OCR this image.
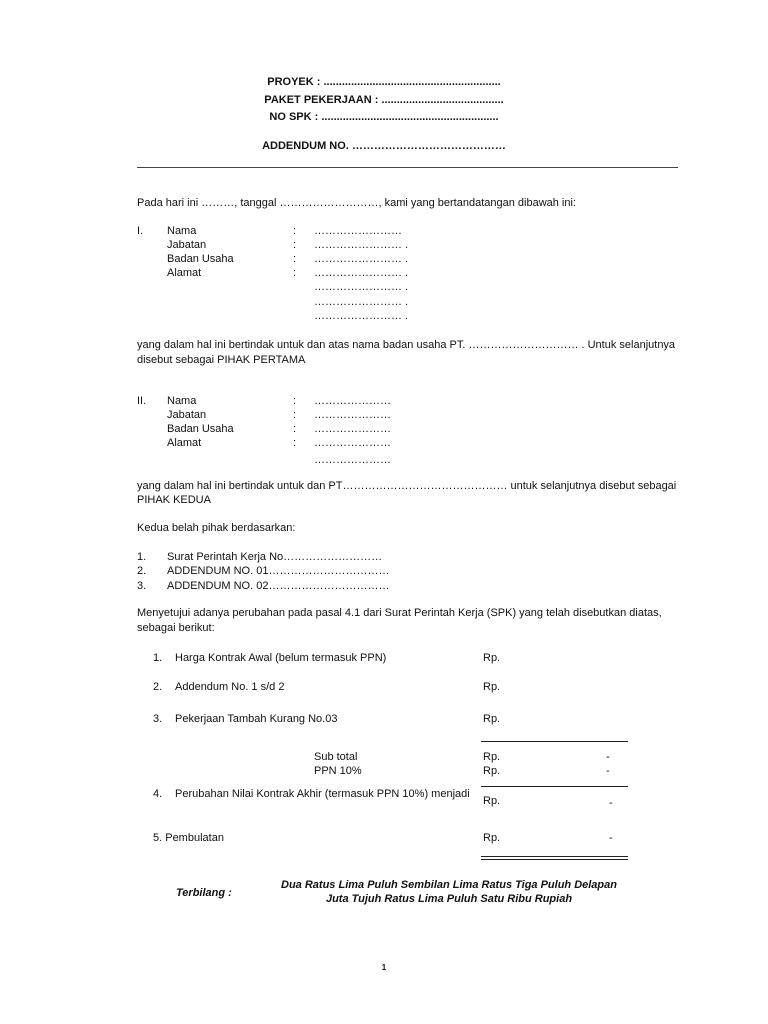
PROYEK : ..........................................................
PAKET PEKERJAAN : ........................................
NO SPK : ..........................................................
ADDENDUM NO. ……………………………………
Pada hari ini ………, tanggal ………………………, kami yang bertandatangan dibawah ini:
I. Nama	: ……………………
Jabatan	: …………………… .
Badan Usaha	: …………………… .
Alamat	: …………………… .
…………………… .
…………………… .
…………………… .
yang dalam hal ini bertindak untuk dan atas nama badan usaha PT. ………………………… . Untuk selanjutnya
disebut sebagai PIHAK PERTAMA
II. Nama	: …………………
Jabatan	: …………………
Badan Usaha	: …………………
Alamat	: …………………
…………………
yang dalam hal ini bertindak untuk dan PT……………………………………… untuk selanjutnya disebut sebagai
PIHAK KEDUA
Kedua belah pihak berdasarkan:
1. Surat Perintah Kerja No………………………
2. ADDENDUM NO. 01……………………………
3. ADDENDUM NO. 02……………………………
Menyetujui adanya perubahan pada pasal 4.1 dari Surat Perintah Kerja (SPK) yang telah disebutkan diatas,
sebagai berikut:
1. Harga Kontrak Awal (belum termasuk PPN)	Rp.
2. Addendum No. 1 s/d 2	Rp.
3. Pekerjaan Tambah Kurang No.03	Rp.
Sub total	Rp.	-
PPN 10%	Rp.	-
4. Perubahan Nilai Kontrak Akhir (termasuk PPN 10%) menjadi
Rp.	-
5. Pembulatan	Rp.	-
Terbilang :
Dua Ratus Lima Puluh Sembilan Lima Ratus Tiga Puluh Delapan
Juta Tujuh Ratus Lima Puluh Satu Ribu Rupiah
1
